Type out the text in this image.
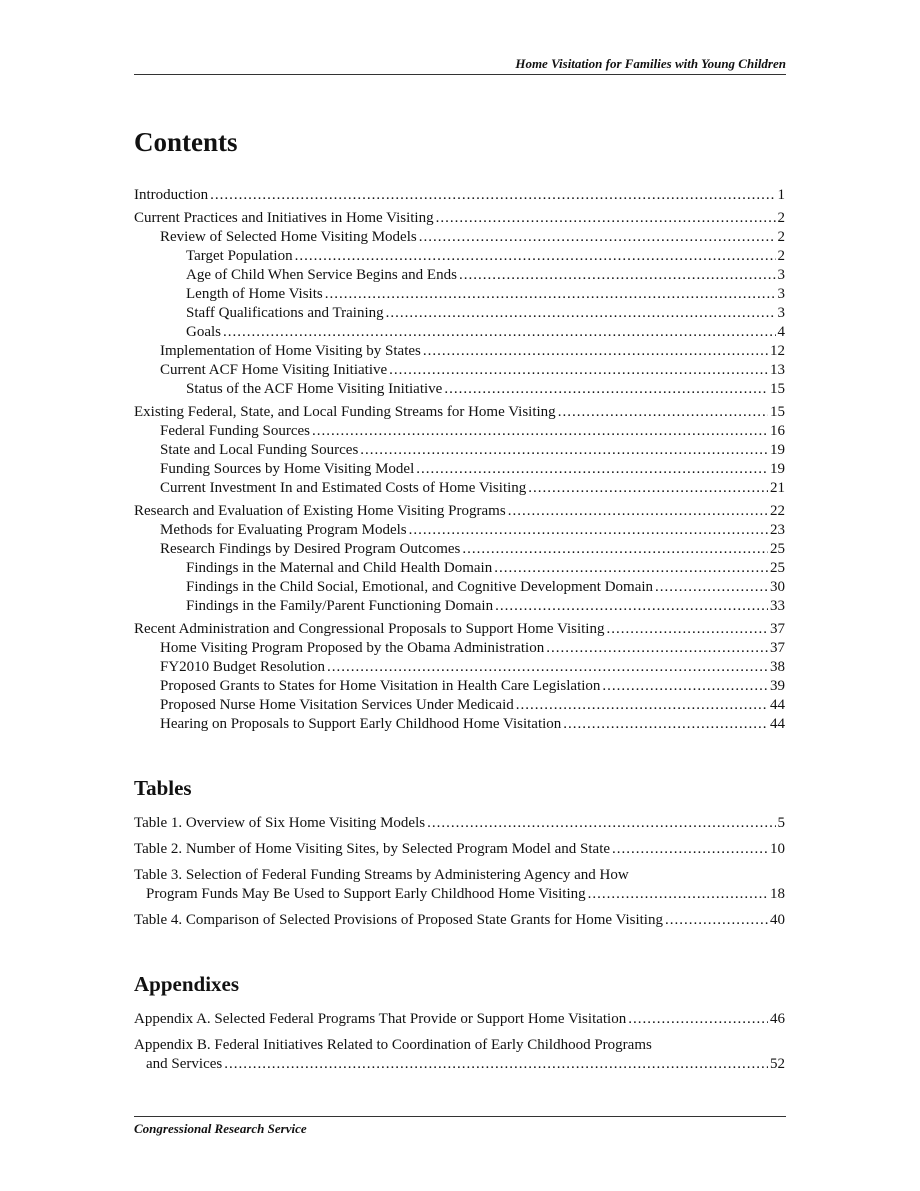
Home Visitation for Families with Young Children
Contents
Introduction .....	1
Current Practices and Initiatives in Home Visiting .....	2
Review of Selected Home Visiting Models .....	2
Target Population .....	2
Age of Child When Service Begins and Ends .....	3
Length of Home Visits .....	3
Staff Qualifications and Training .....	3
Goals .....	4
Implementation of Home Visiting by States .....	12
Current ACF Home Visiting Initiative .....	13
Status of the ACF Home Visiting Initiative .....	15
Existing Federal, State, and Local Funding Streams for Home Visiting .....	15
Federal Funding Sources .....	16
State and Local Funding Sources .....	19
Funding Sources by Home Visiting Model .....	19
Current Investment In and Estimated Costs of Home Visiting .....	21
Research and Evaluation of Existing Home Visiting Programs .....	22
Methods for Evaluating Program Models .....	23
Research Findings by Desired Program Outcomes .....	25
Findings in the Maternal and Child Health Domain .....	25
Findings in the Child Social, Emotional, and Cognitive Development Domain .....	30
Findings in the Family/Parent Functioning Domain .....	33
Recent Administration and Congressional Proposals to Support Home Visiting .....	37
Home Visiting Program Proposed by the Obama Administration .....	37
FY2010 Budget Resolution .....	38
Proposed Grants to States for Home Visitation in Health Care Legislation .....	39
Proposed Nurse Home Visitation Services Under Medicaid .....	44
Hearing on Proposals to Support Early Childhood Home Visitation .....	44
Tables
Table 1. Overview of Six Home Visiting Models .....	5
Table 2. Number of Home Visiting Sites, by Selected Program Model and State .....	10
Table 3. Selection of Federal Funding Streams by Administering Agency and How
Program Funds May Be Used to Support Early Childhood Home Visiting .....	18
Table 4. Comparison of Selected Provisions of Proposed State Grants for Home Visiting .....	40
Appendixes
Appendix A. Selected Federal Programs That Provide or Support Home Visitation .....	46
Appendix B. Federal Initiatives Related to Coordination of Early Childhood Programs
and Services .....	52
Congressional Research Service
